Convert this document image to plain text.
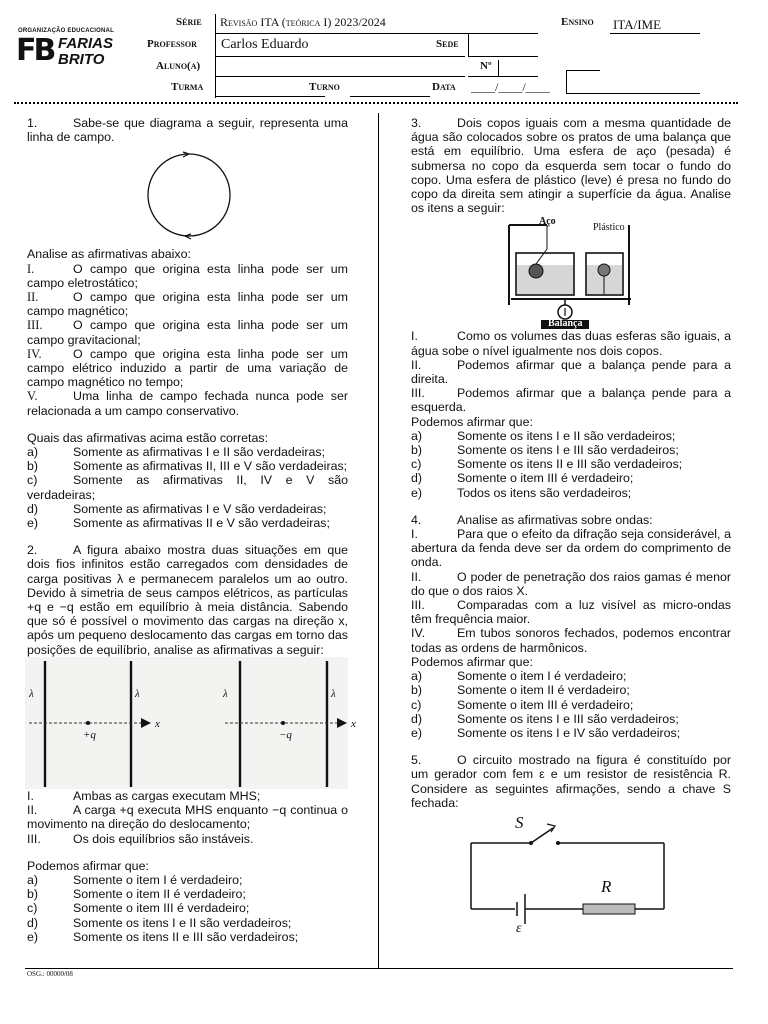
ORGANIZAÇÃO EDUCACIONAL
FB FARIAS
BRITO
Série Revisão ITA (teórica I) 2023/2024	Ensino ITA/IME
Professor Carlos Eduardo	Sede
Aluno(a)	Nº
Turma	Turno	Data ____/____/____

1.	Sabe-se que diagrama a seguir, representa uma linha de campo.

Analise as afirmativas abaixo:

I.	O campo que origina esta linha pode ser um campo eletrostático;

II.	O campo que origina esta linha pode ser um campo magnético;

III. O campo que origina esta linha pode ser um campo gravitacional;

IV.	O campo que origina esta linha pode ser um campo elétrico induzido a partir de uma variação de campo magnético no tempo;

V.	Uma linha de campo fechada nunca pode ser relacionada a um campo conservativo.

Quais das afirmativas acima estão corretas:

a)	Somente as afirmativas I e II são verdadeiras;

b)	Somente as afirmativas II, III e V são verdadeiras;

c)	Somente as afirmativas II, IV e V são verdadeiras;

d)	Somente as afirmativas I e V são verdadeiras;

e)	Somente as afirmativas II e V são verdadeiras;

2.	A figura abaixo mostra duas situações em que dois fios infinitos estão carregados com densidades de carga positivas λ e permanecem paralelos um ao outro. Devido à simetria de seus campos elétricos, as partículas +q e −q estão em equilíbrio à meia distância. Sabendo que só é possível o movimento das cargas na direção x, após um pequeno deslocamento das cargas em torno das posições de equilíbrio, analise as afirmativas a seguir:

λ	λ
+q
x
λ	λ
−q
x

I.	Ambas as cargas executam MHS;

II.	A carga +q executa MHS enquanto −q continua o movimento na direção do deslocamento;

III.	Os dois equilíbrios são instáveis.

Podemos afirmar que:

a)	Somente o item I é verdadeiro;

b)	Somente o item II é verdadeiro;

c)	Somente o item III é verdadeiro;

d)	Somente os itens I e II são verdadeiros;

e)	Somente os itens II e III são verdadeiros;

3.	Dois copos iguais com a mesma quantidade de água são colocados sobre os pratos de uma balança que está em equilíbrio. Uma esfera de aço (pesada) é submersa no copo da esquerda sem tocar o fundo do copo. Uma esfera de plástico (leve) é presa no fundo do copo da direita sem atingir a superfície da água. Analise os itens a seguir:

Aço
Plástico
Balança

I.	Como os volumes das duas esferas são iguais, a água sobe o nível igualmente nos dois copos.

II.	Podemos afirmar que a balança pende para a direita.

III.	Podemos afirmar que a balança pende para a esquerda.

Podemos afirmar que:

a)	Somente os itens I e II são verdadeiros;

b)	Somente os itens I e III são verdadeiros;

c)	Somente os itens II e III são verdadeiros;

d)	Somente o item III é verdadeiro;

e)	Todos os itens são verdadeiros;

4.	Analise as afirmativas sobre ondas:

I.	Para que o efeito da difração seja considerável, a abertura da fenda deve ser da ordem do comprimento de onda.

II.	O poder de penetração dos raios gamas é menor do que o dos raios X.

III.	Comparadas com a luz visível as micro-ondas têm frequência maior.

IV.	Em tubos sonoros fechados, podemos encontrar todas as ordens de harmônicos.

Podemos afirmar que:

a)	Somente o item I é verdadeiro;

b)	Somente o item II é verdadeiro;

c)	Somente o item III é verdadeiro;

d)	Somente os itens I e III são verdadeiros;

e)	Somente os itens I e IV são verdadeiros;

5.	O circuito mostrado na figura é constituído por um gerador com fem ε e um resistor de resistência R. Considere as seguintes afirmações, sendo a chave S fechada:

S
R
ε
OSG.: 00000/08
